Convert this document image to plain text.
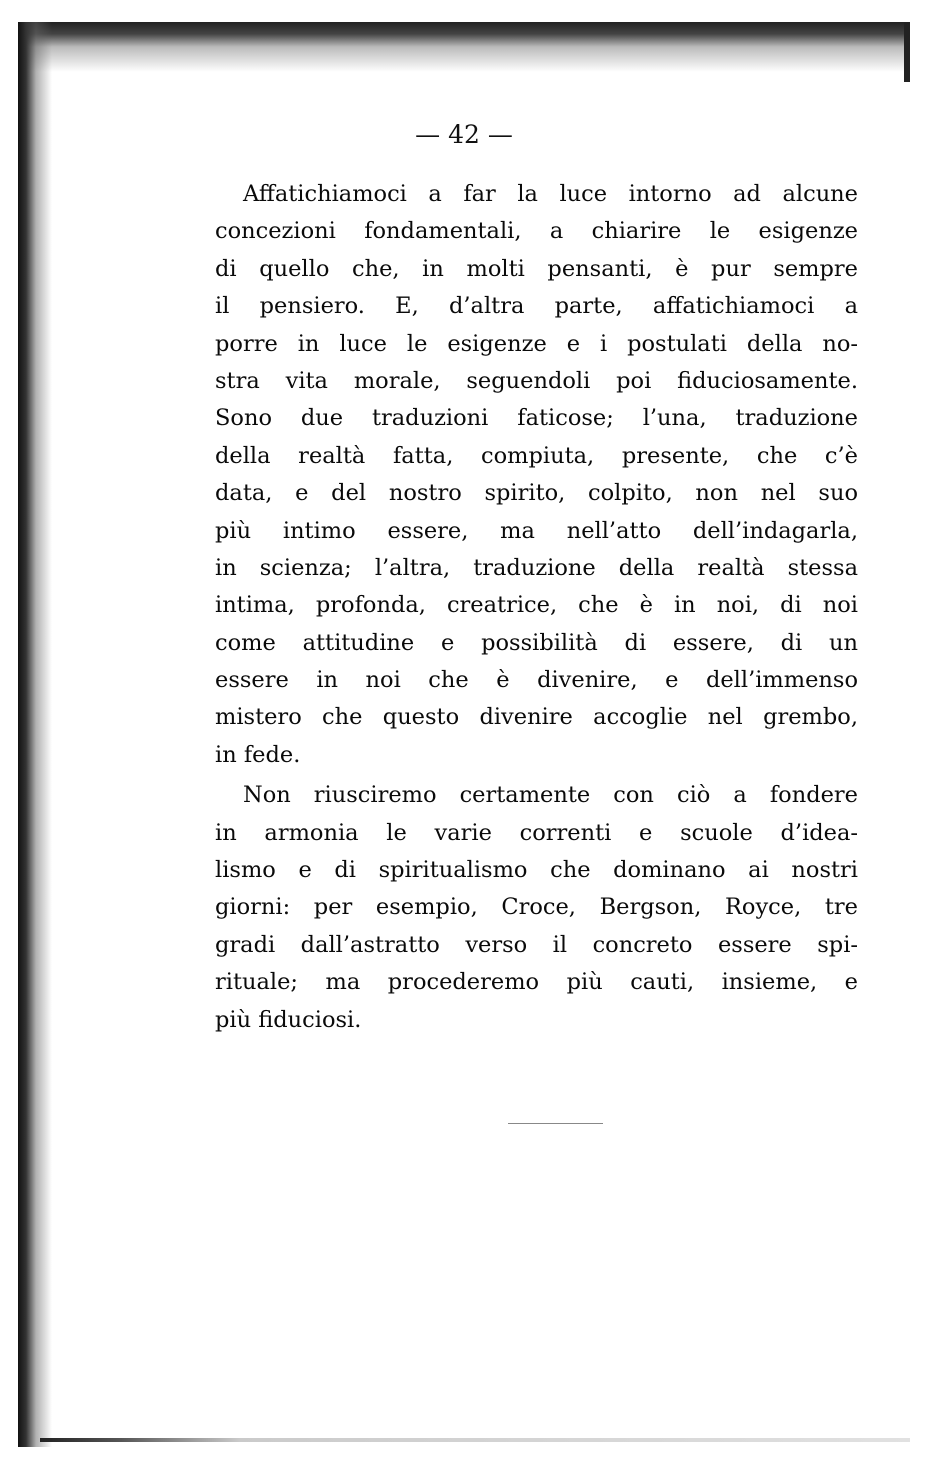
— 42 —
Affatichiamoci a far la luce intorno ad alcune
concezioni fondamentali, a chiarire le esigenze
di quello che, in molti pensanti, è pur sempre
il pensiero. E, d’altra parte, affatichiamoci a
porre in luce le esigenze e i postulati della no-
stra vita morale, seguendoli poi fiduciosamente.
Sono due traduzioni faticose; l’una, traduzione
della realtà fatta, compiuta, presente, che c’è
data, e del nostro spirito, colpito, non nel suo
più intimo essere, ma nell’atto dell’indagarla,
in scienza; l’altra, traduzione della realtà stessa
intima, profonda, creatrice, che è in noi, di noi
come attitudine e possibilità di essere, di un
essere in noi che è divenire, e dell’immenso
mistero che questo divenire accoglie nel grembo,
in fede.
Non riusciremo certamente con ciò a fondere
in armonia le varie correnti e scuole d’idea-
lismo e di spiritualismo che dominano ai nostri
giorni: per esempio, Croce, Bergson, Royce, tre
gradi dall’astratto verso il concreto essere spi-
rituale; ma procederemo più cauti, insieme, e
più fiduciosi.
